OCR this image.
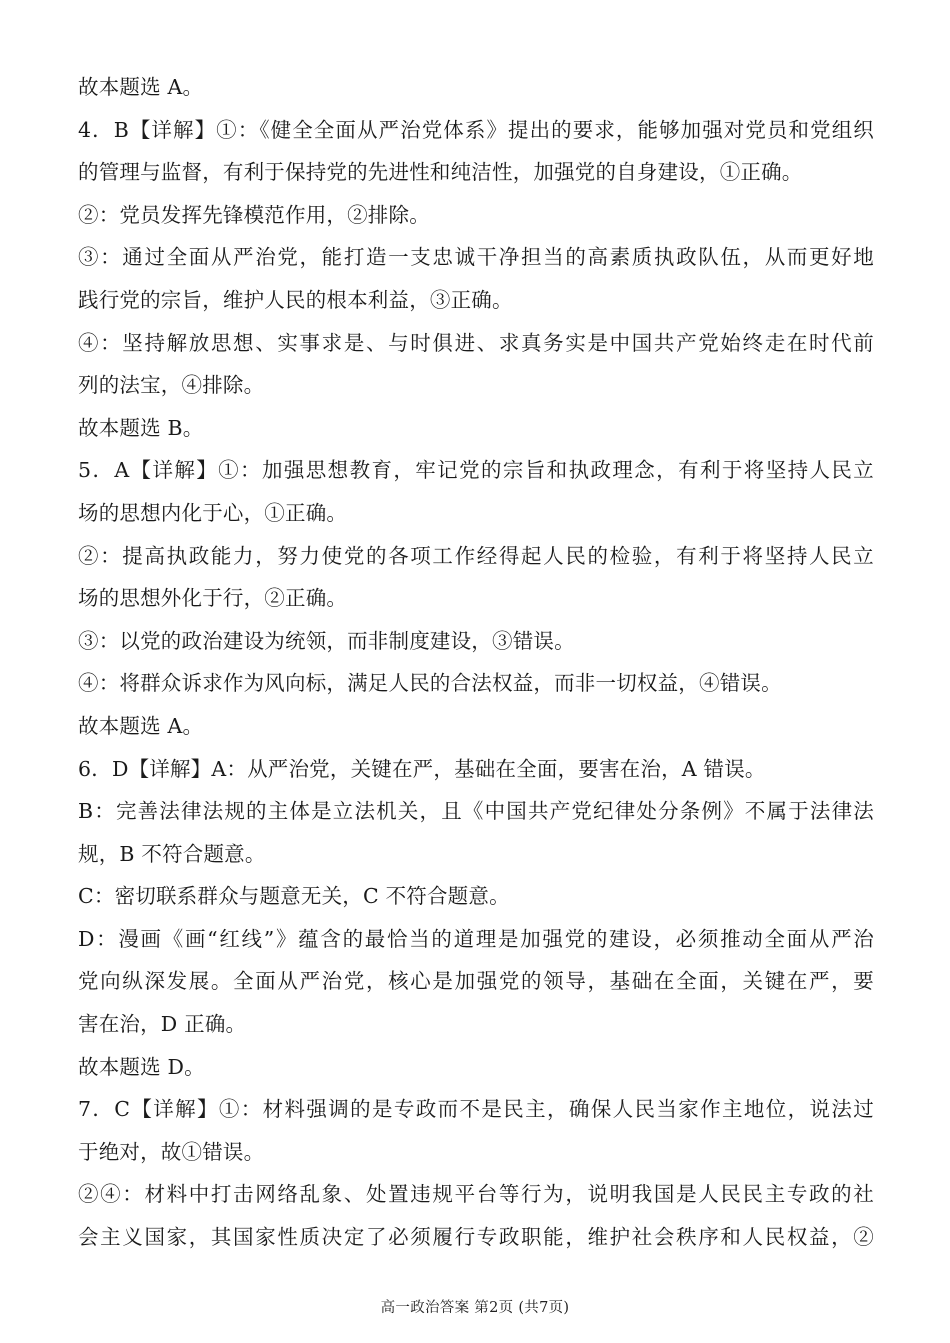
故本题选 A。
4．B【详解】①：《健全全面从严治党体系》提出的要求，能够加强对党员和党组织
的管理与监督，有利于保持党的先进性和纯洁性，加强党的自身建设，①正确。
②：党员发挥先锋模范作用，②排除。
③：通过全面从严治党，能打造一支忠诚干净担当的高素质执政队伍，从而更好地
践行党的宗旨，维护人民的根本利益，③正确。
④：坚持解放思想、实事求是、与时俱进、求真务实是中国共产党始终走在时代前
列的法宝，④排除。
故本题选 B。
5．A【详解】①：加强思想教育，牢记党的宗旨和执政理念，有利于将坚持人民立
场的思想内化于心，①正确。
②：提高执政能力，努力使党的各项工作经得起人民的检验，有利于将坚持人民立
场的思想外化于行，②正确。
③：以党的政治建设为统领，而非制度建设，③错误。
④：将群众诉求作为风向标，满足人民的合法权益，而非一切权益，④错误。
故本题选 A。
6．D【详解】A：从严治党，关键在严，基础在全面，要害在治，A 错误。
B：完善法律法规的主体是立法机关，且《中国共产党纪律处分条例》不属于法律法
规，B 不符合题意。
C：密切联系群众与题意无关，C 不符合题意。
D：漫画《画“红线”》蕴含的最恰当的道理是加强党的建设，必须推动全面从严治
党向纵深发展。全面从严治党，核心是加强党的领导，基础在全面，关键在严，要
害在治，D 正确。
故本题选 D。
7．C【详解】①：材料强调的是专政而不是民主，确保人民当家作主地位，说法过
于绝对，故①错误。
②④：材料中打击网络乱象、处置违规平台等行为，说明我国是人民民主专政的社
会主义国家，其国家性质决定了必须履行专政职能，维护社会秩序和人民权益，②
高一政治答案 第2页 (共7页)
